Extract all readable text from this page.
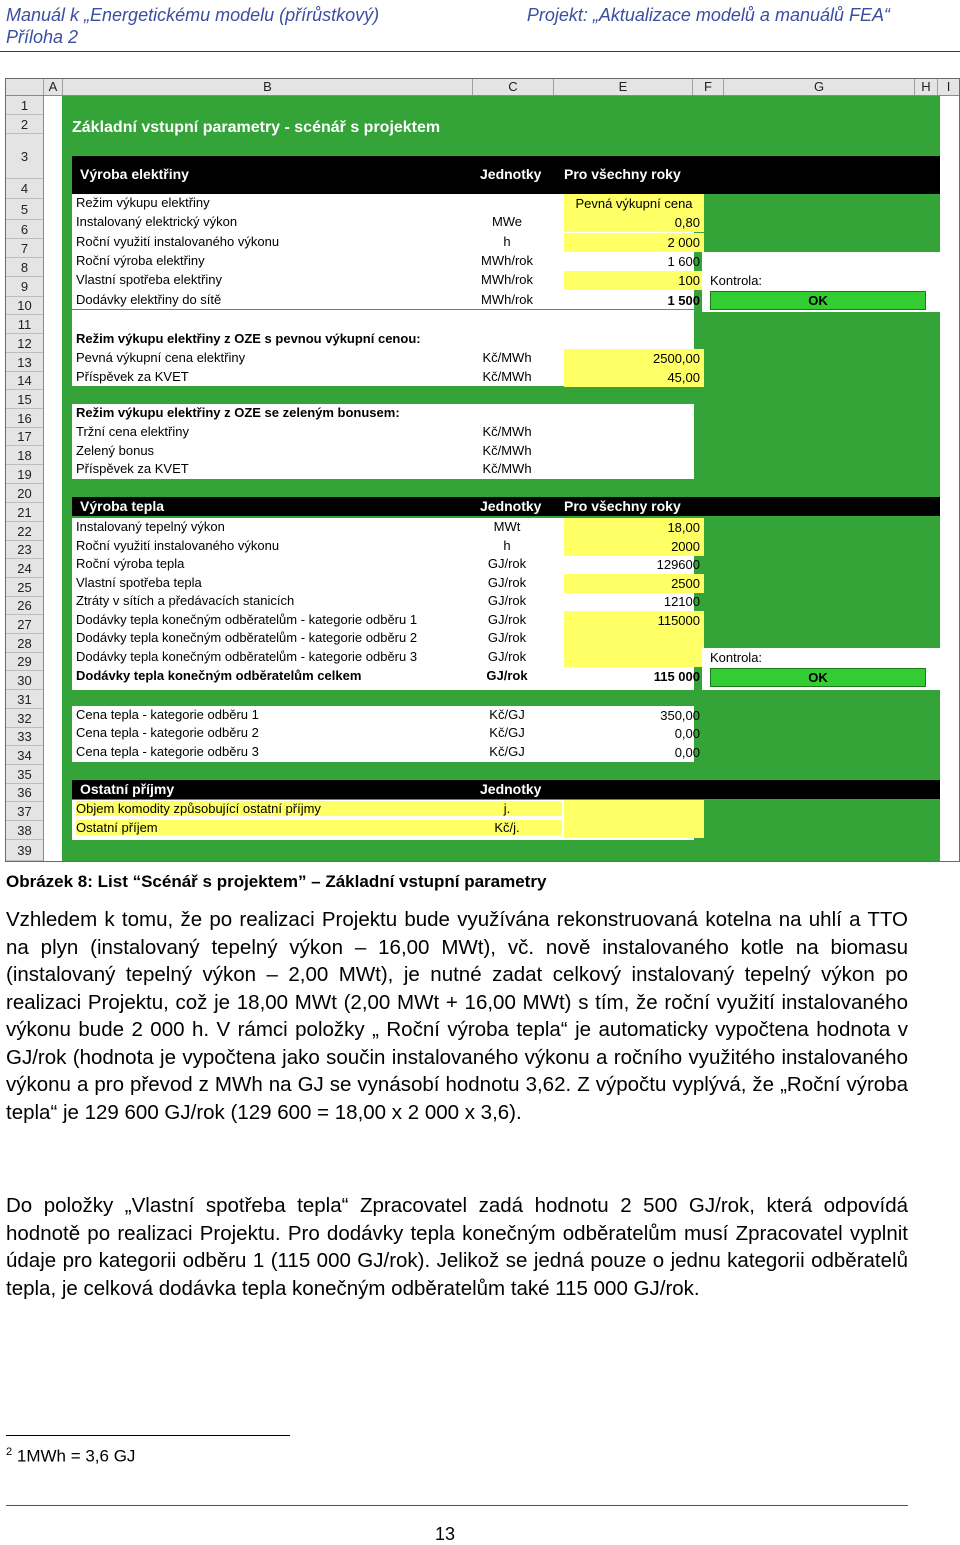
Manuál k „Energetickému modelu (přírůstkový)
Příloha 2
Projekt: „Aktualizace modelů a manuálů FEA“
A	B	C	E	F	G	H	I
1
2
3
4
5
6
7
8
9
10
11
12
13
14
15
16
17
18
19
20
21
22
23
24
25
26
27
28
29
30
31
32
33
34
35
36
37
38
39
Základní vstupní parametry - scénář s projektem
Výroba elektřiny	Jednotky Pro všechny roky
Režim výkupu elektřiny	Pevná výkupní cena
Instalovaný elektrický výkon	MWe	0,80
Roční využití instalovaného výkonu	h	2 000
Roční výroba elektřiny	MWh/rok	1 600
Vlastní spotřeba elektřiny	MWh/rok	100
Dodávky elektřiny do sítě	MWh/rok	1 500
Kontrola:
OK
Režim výkupu elektřiny z OZE s pevnou výkupní cenou:
Pevná výkupní cena elektřiny	Kč/MWh	2500,00
Příspěvek za KVET	Kč/MWh	45,00
Režim výkupu elektřiny z OZE se zeleným bonusem:
Tržní cena elektřiny	Kč/MWh
Zelený bonus	Kč/MWh
Příspěvek za KVET	Kč/MWh
Výroba tepla	Jednotky Pro všechny roky
Instalovaný tepelný výkon	MWt	18,00
Roční využití instalovaného výkonu	h	2000
Roční výroba tepla	GJ/rok	129600
Vlastní spotřeba tepla	GJ/rok	2500
Ztráty v sítích a předávacích stanicích	GJ/rok	12100
Dodávky tepla konečným odběratelům - kategorie odběru 1	GJ/rok	115000
Dodávky tepla konečným odběratelům - kategorie odběru 2	GJ/rok
Dodávky tepla konečným odběratelům - kategorie odběru 3	GJ/rok
Dodávky tepla konečným odběratelům celkem	GJ/rok	115 000
Kontrola:
OK
Cena tepla - kategorie odběru 1	Kč/GJ	350,00
Cena tepla - kategorie odběru 2	Kč/GJ	0,00
Cena tepla - kategorie odběru 3	Kč/GJ	0,00
Ostatní příjmy	Jednotky
Objem komodity způsobující ostatní příjmy	j.
Ostatní příjem	Kč/j.
Obrázek 8: List “Scénář s projektem” – Základní vstupní parametry
Vzhledem k tomu, že po realizaci Projektu bude využívána rekonstruovaná kotelna na uhlí a TTO na plyn (instalovaný tepelný výkon – 16,00 MWt), vč. nově instalovaného kotle na biomasu (instalovaný tepelný výkon – 2,00 MWt), je nutné zadat celkový instalovaný tepelný výkon po realizaci Projektu, což je 18,00 MWt (2,00 MWt + 16,00 MWt) s tím, že roční využití instalovaného výkonu bude 2 000 h. V rámci položky „ Roční výroba tepla“ je automaticky vypočtena hodnota v GJ/rok (hodnota je vypočtena jako součin instalovaného výkonu a ročního využitého instalovaného výkonu a pro převod z MWh na GJ se vynásobí hodnotu 3,62. Z výpočtu vyplývá, že „Roční výroba tepla“ je 129 600 GJ/rok (129 600 = 18,00 x 2 000 x 3,6).
Do položky „Vlastní spotřeba tepla“ Zpracovatel zadá hodnotu 2 500 GJ/rok, která odpovídá hodnotě po realizaci Projektu. Pro dodávky tepla konečným odběratelům musí Zpracovatel vyplnit údaje pro kategorii odběru 1 (115 000 GJ/rok). Jelikož se jedná pouze o jednu kategorii odběratelů tepla, je celková dodávka tepla konečným odběratelům také 115 000 GJ/rok.
$^2$ 1MWh = 3,6 GJ
13
